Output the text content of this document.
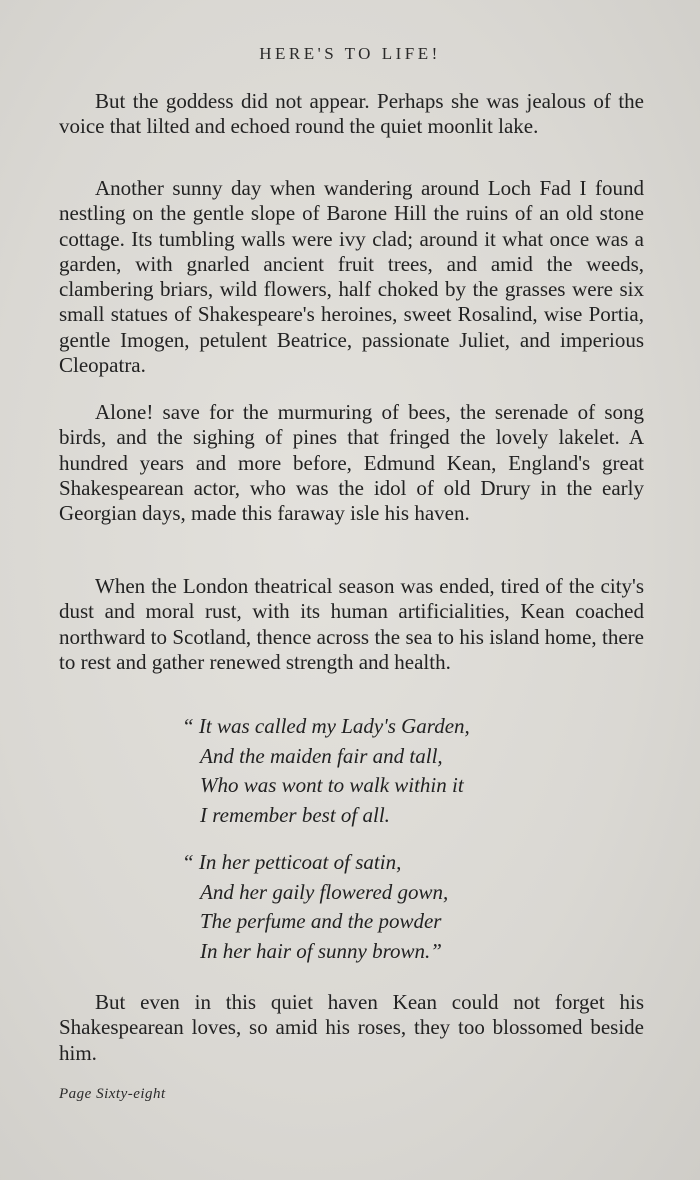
HERE'S TO LIFE!

But the goddess did not appear. Perhaps she was jealous of the voice that lilted and echoed round the quiet moonlit lake.

Another sunny day when wandering around Loch Fad I found nestling on the gentle slope of Barone Hill the ruins of an old stone cottage. Its tumbling walls were ivy clad; around it what once was a garden, with gnarled ancient fruit trees, and amid the weeds, clambering briars, wild flowers, half choked by the grasses were six small statues of Shakespeare's heroines, sweet Rosalind, wise Portia, gentle Imogen, petulent Beatrice, passionate Juliet, and imperious Cleopatra.

Alone! save for the murmuring of bees, the serenade of song birds, and the sighing of pines that fringed the lovely lakelet. A hundred years and more before, Edmund Kean, England's great Shakespearean actor, who was the idol of old Drury in the early Georgian days, made this faraway isle his haven.

When the London theatrical season was ended, tired of the city's dust and moral rust, with its human artificialities, Kean coached northward to Scotland, thence across the sea to his island home, there to rest and gather renewed strength and health.

“ It was called my Lady's Garden,
And the maiden fair and tall,
Who was wont to walk within it
I remember best of all.
“ In her petticoat of satin,
And her gaily flowered gown,
The perfume and the powder
In her hair of sunny brown.”

But even in this quiet haven Kean could not forget his Shakespearean loves, so amid his roses, they too blossomed beside him.

Page Sixty-eight
